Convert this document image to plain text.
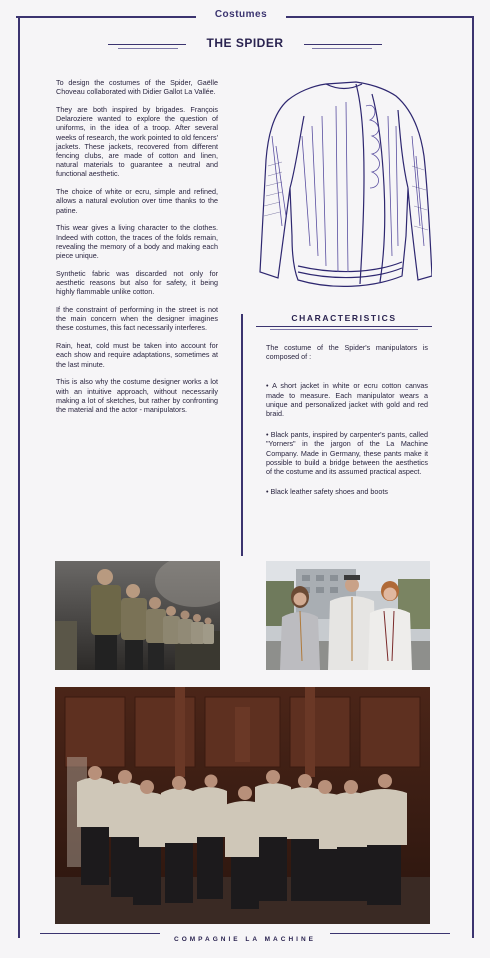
Costumes
THE SPIDER

To design the costumes of the Spider, Gaëlle Choveau collaborated with Didier Gallot La Vallée.

They are both inspired by brigades. François Delaroziere wanted to explore the question of uniforms, in the idea of a troop. After several weeks of research, the work pointed to old fencers' jackets. These jackets, recovered from different fencing clubs, are made of cotton and linen, natural materials to guarantee a neutral and functional aesthetic.

The choice of white or ecru, simple and refined, allows a natural evolution over time thanks to the patine.

This wear gives a living character to the clothes. Indeed with cotton, the traces of the folds remain, revealing the memory of a body and making each piece unique.

Synthetic fabric was discarded not only for aesthetic reasons but also for safety, it being highly flammable unlike cotton.

If the constraint of performing in the street is not the main concern when the designer imagines these costumes, this fact necessarily interferes.

Rain, heat, cold must be taken into account for each show and require adaptations, sometimes at the last minute.

This is also why the costume designer works a lot with an intuitive approach, without necessarily making a lot of sketches, but rather by confronting the material and the actor - manipulators.

CHARACTERISTICS

The costume of the Spider's manipulators is composed of :

• A short jacket in white or ecru cotton canvas made to measure. Each manipulator wears a unique and personalized jacket with gold and red braid.

• Black pants, inspired by carpenter's pants, called "Yorners" in the jargon of the La Machine Company. Made in Germany, these pants make it possible to build a bridge between the aesthetics of the costume and its assumed practical aspect.

• Black leather safety shoes and boots

COMPAGNIE LA MACHINE
